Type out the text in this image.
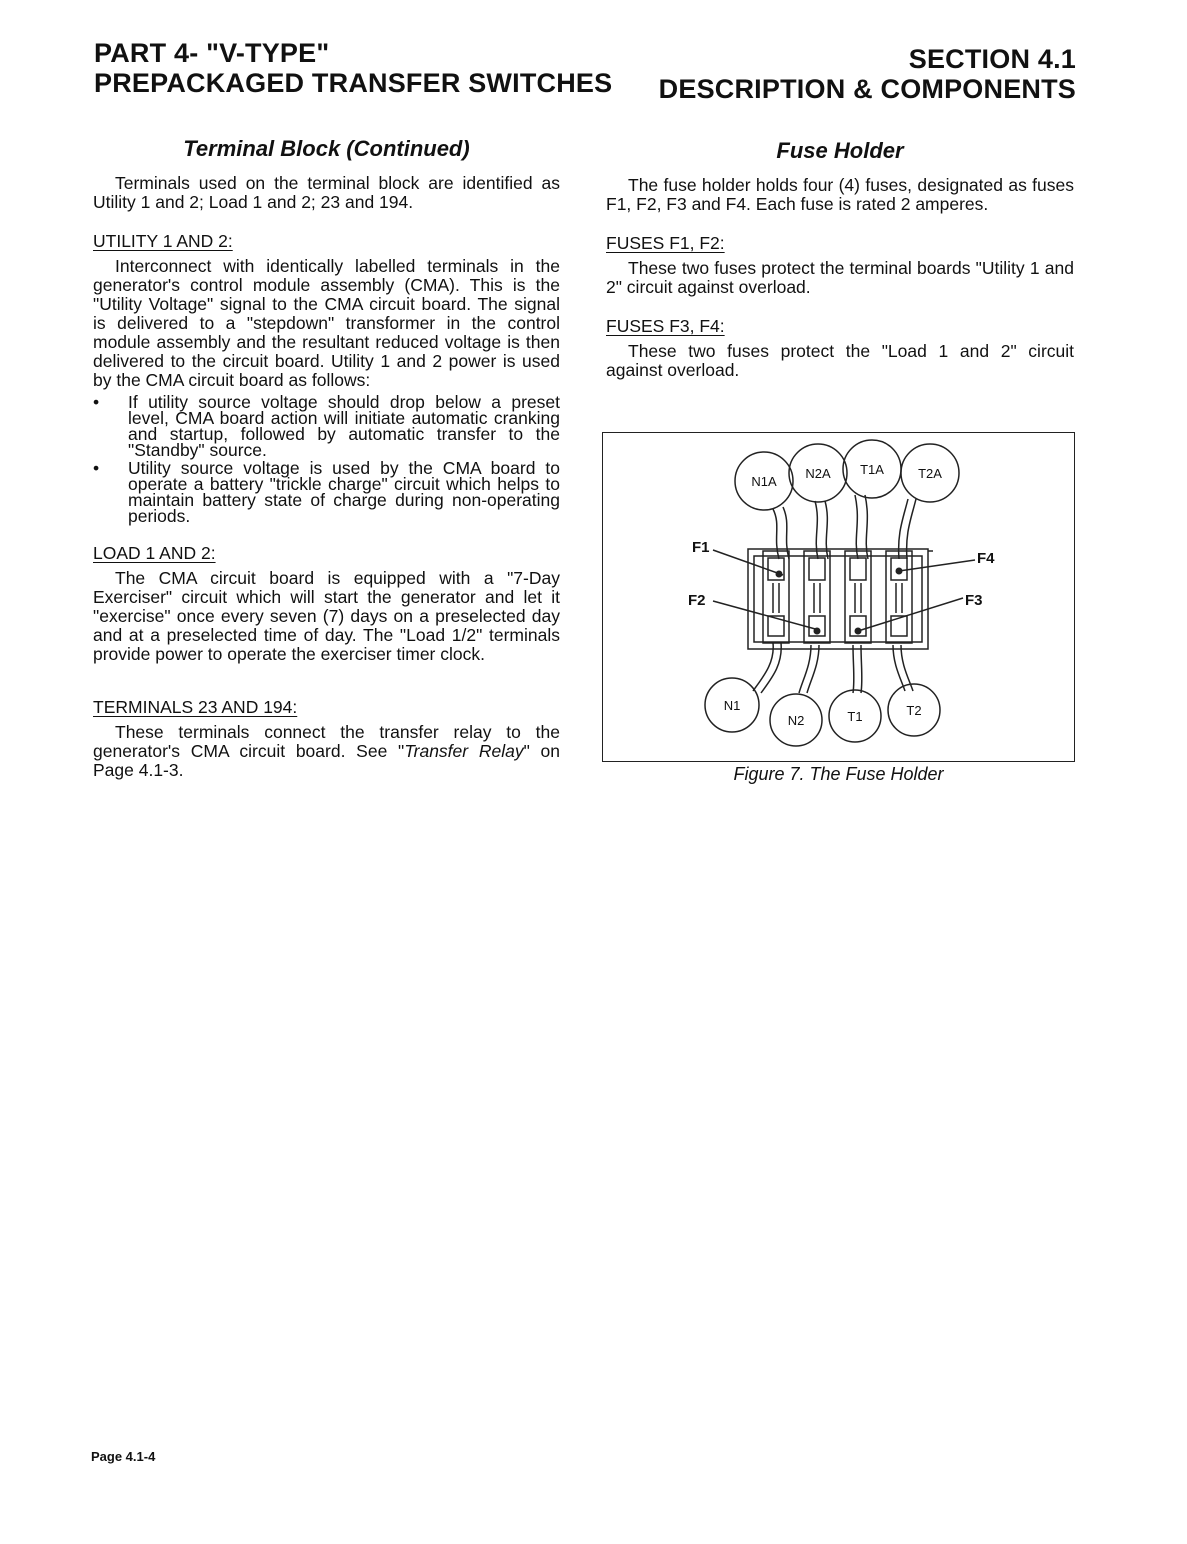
PART 4- "V-TYPE"
PREPACKAGED TRANSFER SWITCHES
SECTION 4.1
DESCRIPTION & COMPONENTS
Terminal Block (Continued)

Terminals used on the terminal block are identified as Utility 1 and 2; Load 1 and 2; 23 and 194.

UTILITY 1 AND 2:

Interconnect with identically labelled terminals in the generator's control module assembly (CMA). This is the "Utility Voltage" signal to the CMA circuit board. The signal is delivered to a "stepdown" transformer in the control module assembly and the resultant reduced voltage is then delivered to the circuit board. Utility 1 and 2 power is used by the CMA circuit board as follows:

• If utility source voltage should drop below a preset level, CMA board action will initiate automatic cranking and startup, followed by automatic transfer to the "Standby" source.
• Utility source voltage is used by the CMA board to operate a battery "trickle charge" circuit which helps to maintain battery state of charge during non-operating periods.
LOAD 1 AND 2:

The CMA circuit board is equipped with a "7-Day Exerciser" circuit which will start the generator and let it "exercise" once every seven (7) days on a preselected day and at a preselected time of day. The "Load 1/2" terminals provide power to operate the exerciser timer clock.

TERMINALS 23 AND 194:

These terminals connect the transfer relay to the generator's CMA circuit board. See "Transfer Relay" on Page 4.1-3.

Fuse Holder

The fuse holder holds four (4) fuses, designated as fuses F1, F2, F3 and F4. Each fuse is rated 2 amperes.

FUSES F1, F2:

These two fuses protect the terminal boards "Utility 1 and 2" circuit against overload.

FUSES F3, F4:

These two fuses protect the "Load 1 and 2" circuit against overload.

N1A
N2A T1A	T2A
N1
N2	T1	T2
F1
F2	F3
F4
Figure 7. The Fuse Holder
Page 4.1-4
